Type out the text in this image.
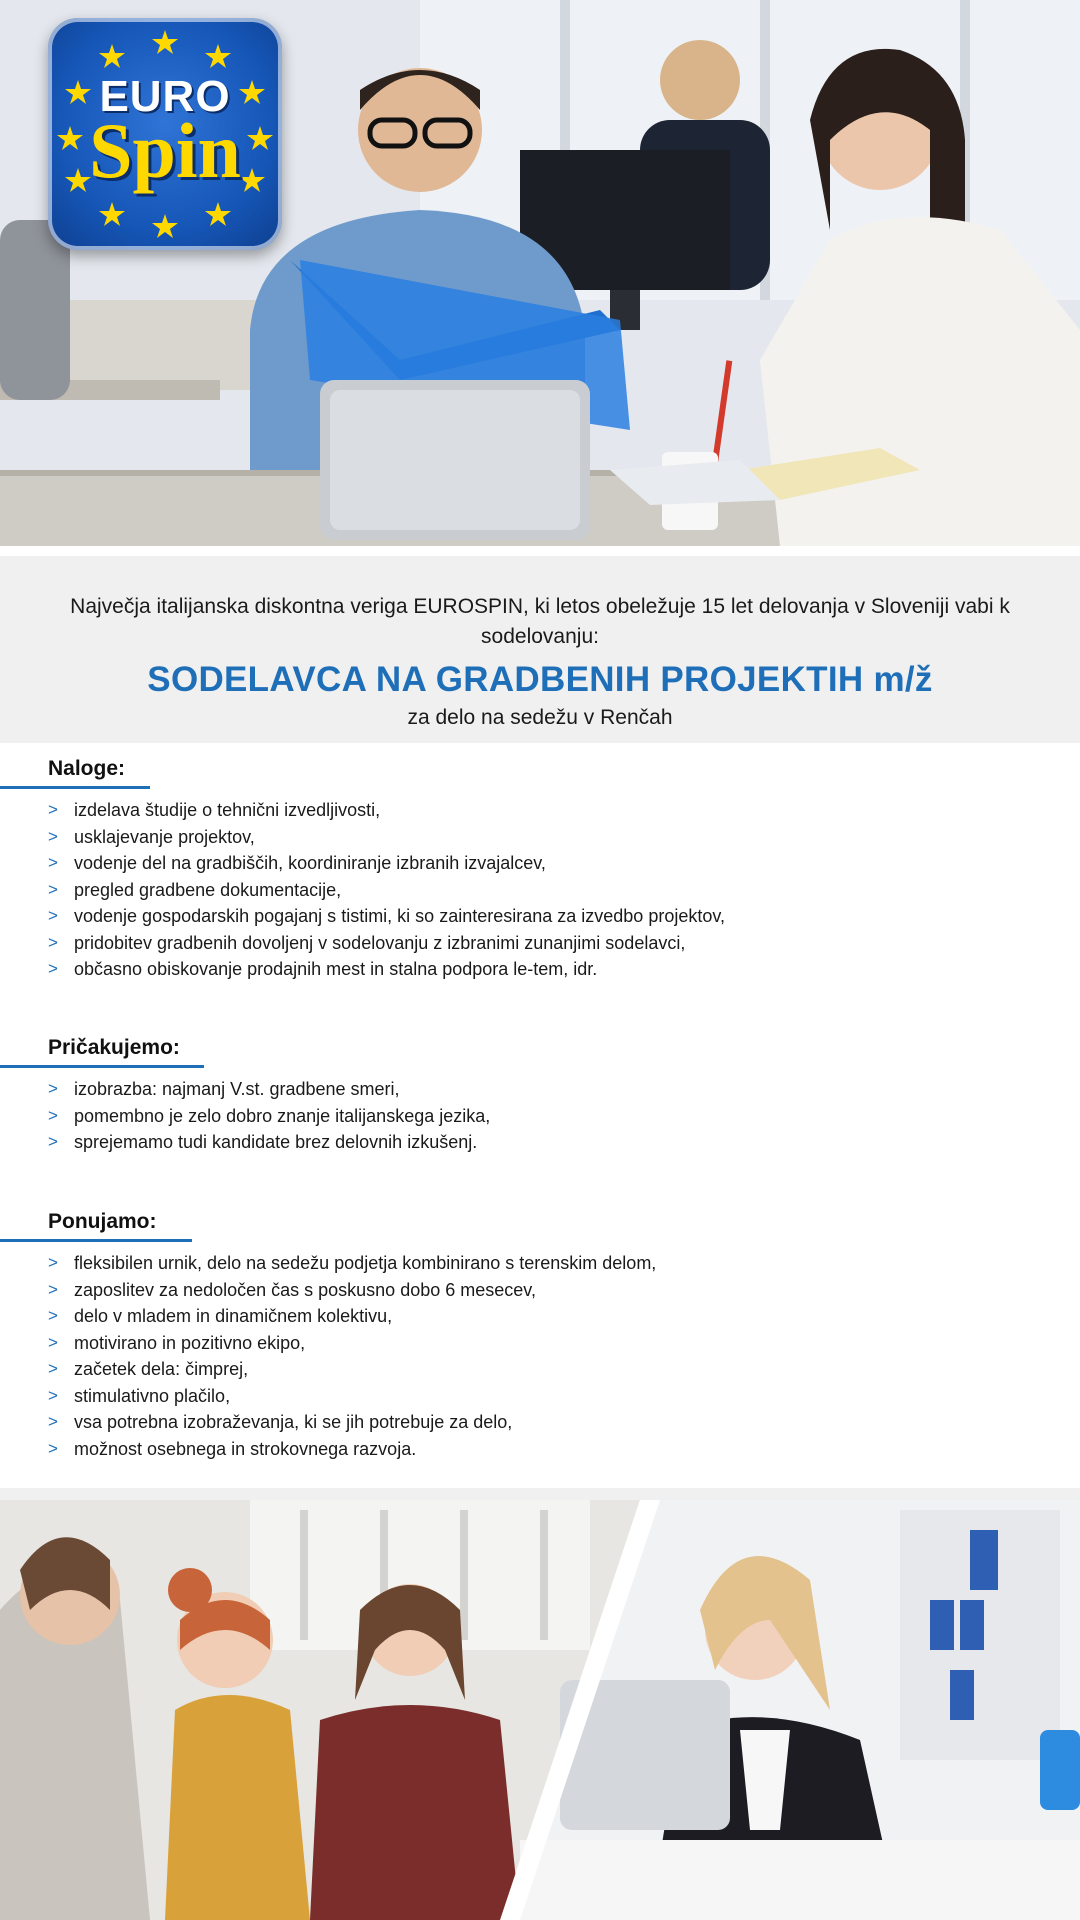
EURO
Spin
Največja italijanska diskontna veriga EUROSPIN, ki letos obeležuje 15 let delovanja v Sloveniji vabi k sodelovanju:
SODELAVCA NA GRADBENIH PROJEKTIH m/ž
za delo na sedežu v Renčah
Naloge:
> izdelava študije o tehnični izvedljivosti,
> usklajevanje projektov,
> vodenje del na gradbiščih, koordiniranje izbranih izvajalcev,
> pregled gradbene dokumentacije,
> vodenje gospodarskih pogajanj s tistimi, ki so zainteresirana za izvedbo projektov,
> pridobitev gradbenih dovoljenj v sodelovanju z izbranimi zunanjimi sodelavci,
> občasno obiskovanje prodajnih mest in stalna podpora le-tem, idr.
Pričakujemo:
> izobrazba: najmanj V.st. gradbene smeri,
> pomembno je zelo dobro znanje italijanskega jezika,
> sprejemamo tudi kandidate brez delovnih izkušenj.
Ponujamo:
> fleksibilen urnik, delo na sedežu podjetja kombinirano s terenskim delom,
> zaposlitev za nedoločen čas s poskusno dobo 6 mesecev,
> delo v mladem in dinamičnem kolektivu,
> motivirano in pozitivno ekipo,
> začetek dela: čimprej,
> stimulativno plačilo,
> vsa potrebna izobraževanja, ki se jih potrebuje za delo,
> možnost osebnega in strokovnega razvoja.
